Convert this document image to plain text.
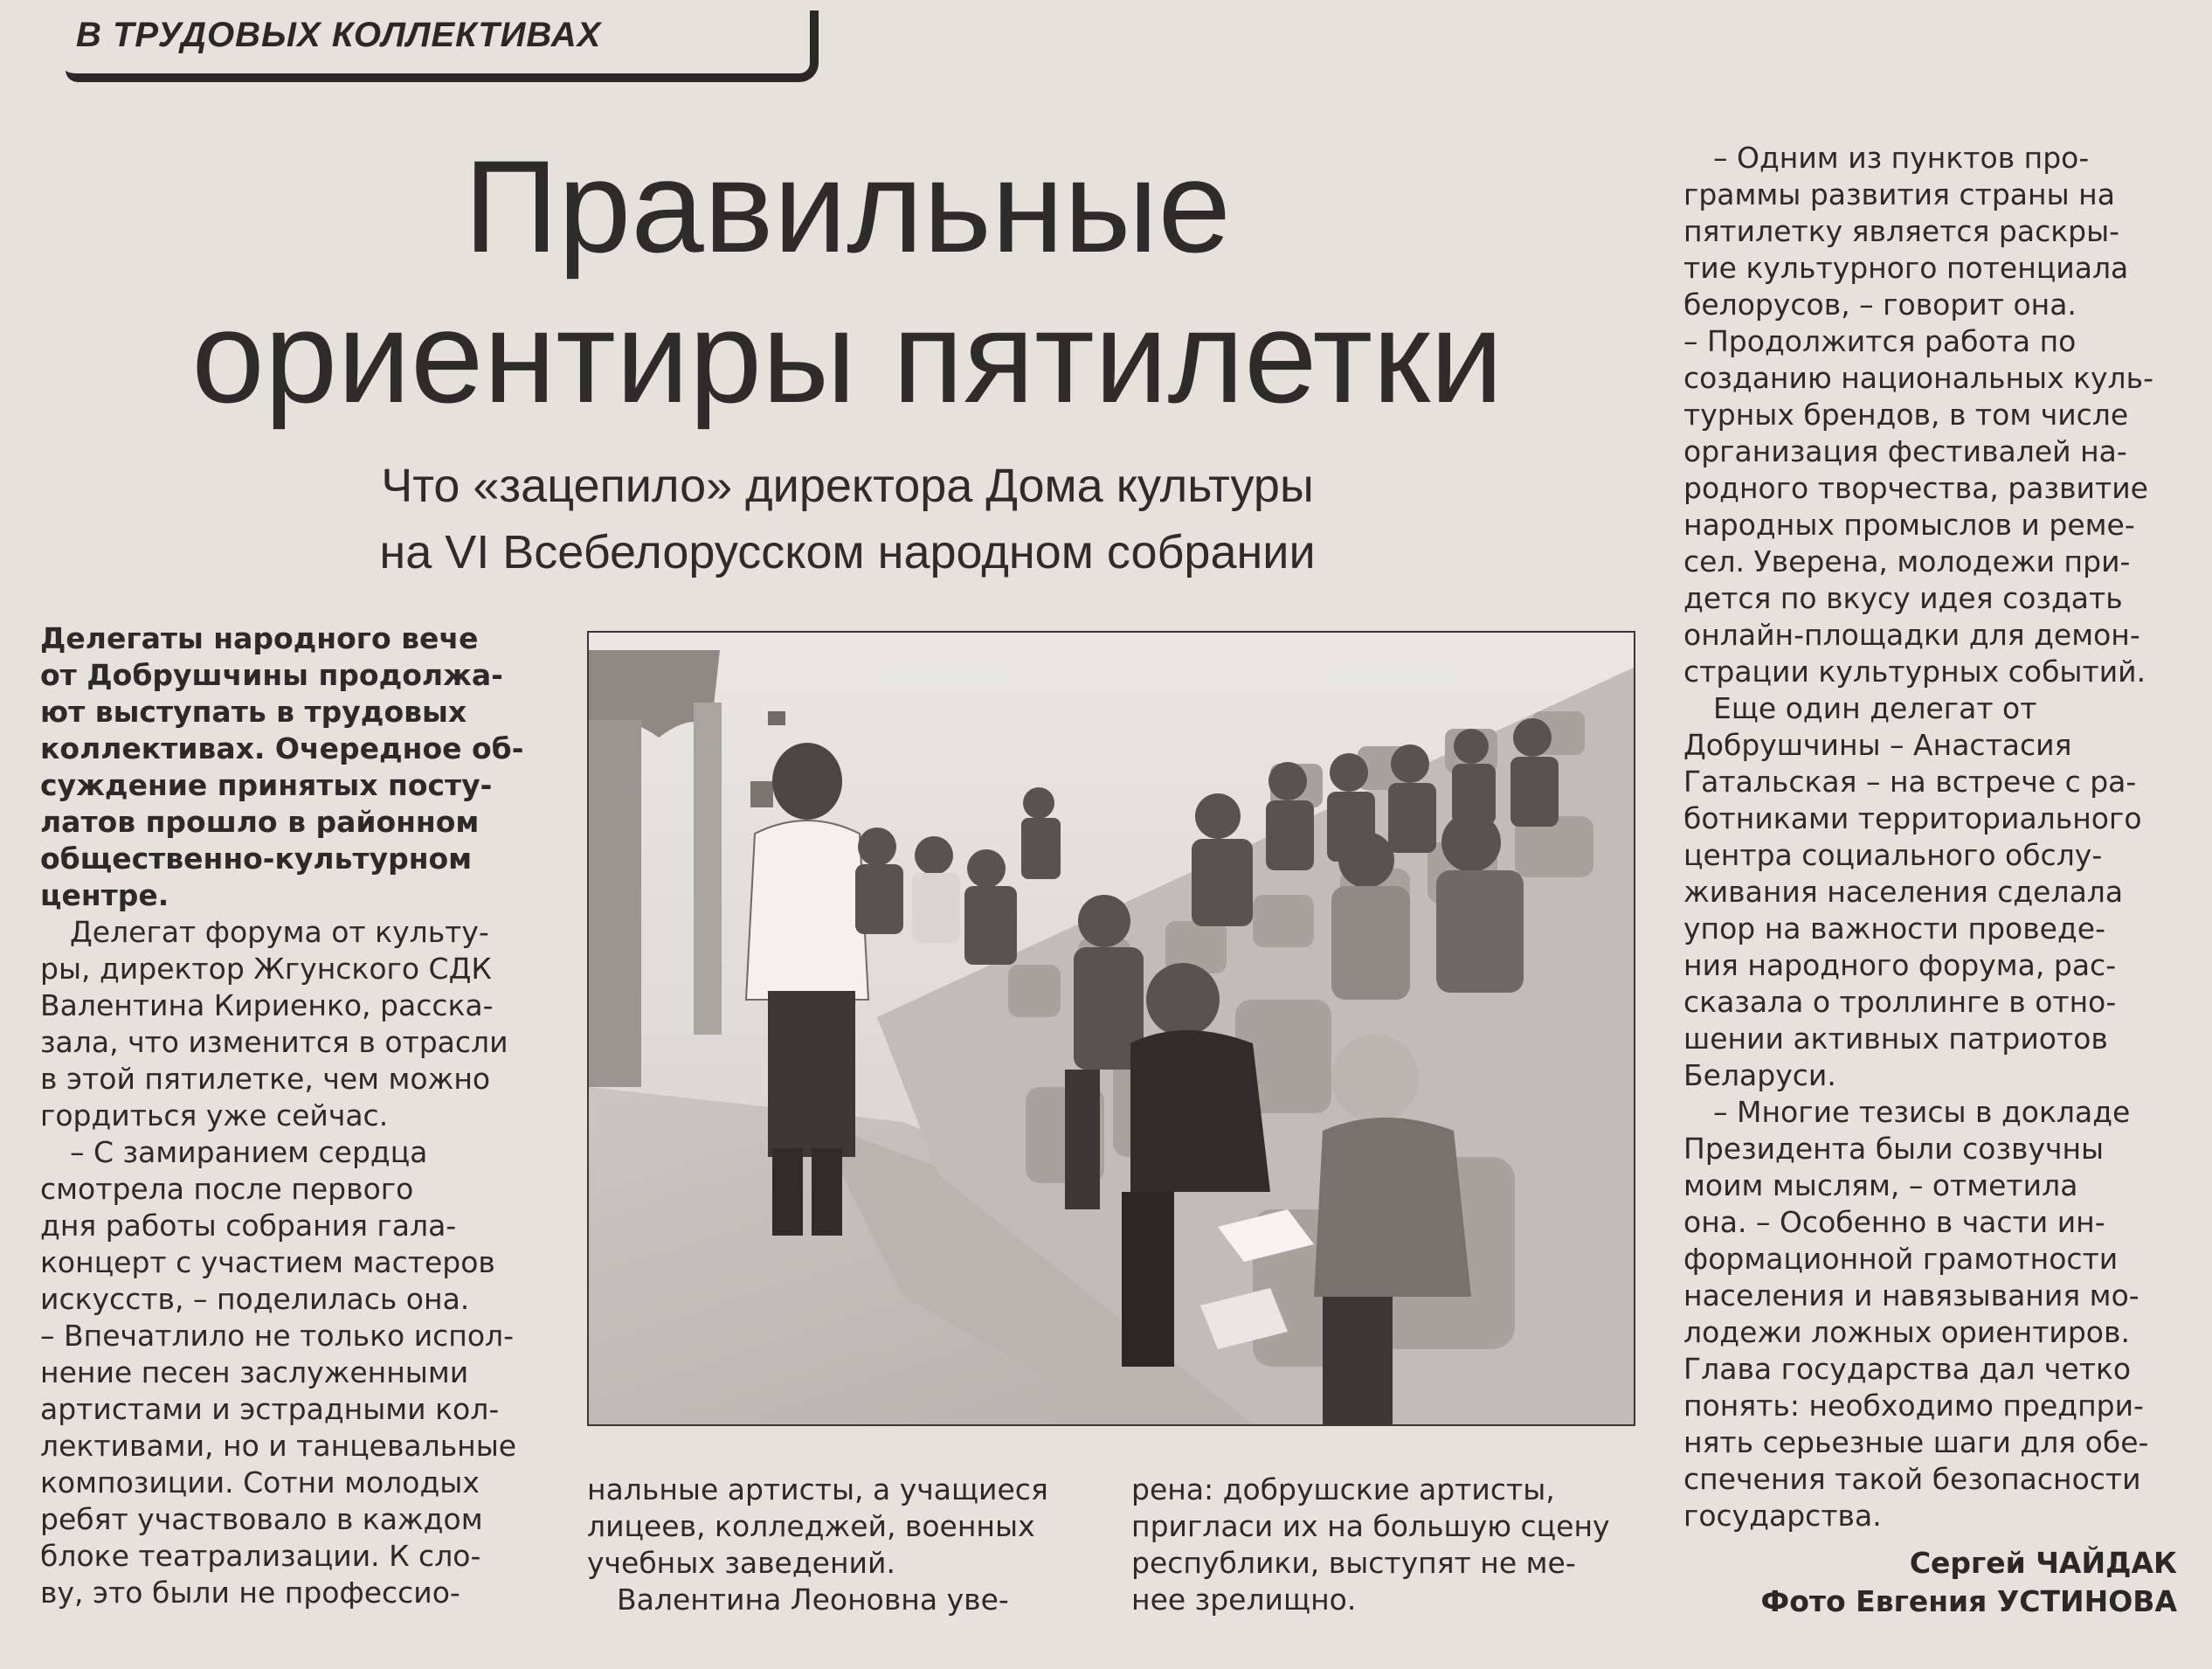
В ТРУДОВЫХ КОЛЛЕКТИВАХ
Правильные
ориентиры пятилетки
Что «зацепило» директора Дома культуры
на VI Всебелорусском народном собрании

Делегаты народного вече
от Добрушчины продолжа-
ют выступать в трудовых
коллективах. Очередное об-
суждение принятых посту-
латов прошло в районном
общественно-культурном
центре.

Делегат форума от культу-
ры, директор Жгунского СДК
Валентина Кириенко, расска-
зала, что изменится в отрасли
в этой пятилетке, чем можно
гордиться уже сейчас.

– С замиранием сердца
смотрела после первого
дня работы собрания гала-
концерт с участием мастеров
искусств, – поделилась она.
– Впечатлило не только испол-
нение песен заслуженными
артистами и эстрадными кол-
лективами, но и танцевальные
композиции. Сотни молодых
ребят участвовало в каждом
блоке театрализации. К сло-
ву, это были не профессио-

нальные артисты, а учащиеся
лицеев, колледжей, военных
учебных заведений.

Валентина Леоновна уве-

рена: добрушские артисты,
пригласи их на большую сцену
республики, выступят не ме-
нее зрелищно.

– Одним из пунктов про-
граммы развития страны на
пятилетку является раскры-
тие культурного потенциала
белорусов, – говорит она.
– Продолжится работа по
созданию национальных куль-
турных брендов, в том числе
организация фестивалей на-
родного творчества, развитие
народных промыслов и реме-
сел. Уверена, молодежи при-
дется по вкусу идея создать
онлайн-площадки для демон-
страции культурных событий.

Еще один делегат от
Добрушчины – Анастасия
Гатальская – на встрече с ра-
ботниками территориального
центра социального обслу-
живания населения сделала
упор на важности проведе-
ния народного форума, рас-
сказала о троллинге в отно-
шении активных патриотов
Беларуси.

– Многие тезисы в докладе
Президента были созвучны
моим мыслям, – отметила
она. – Особенно в части ин-
формационной грамотности
населения и навязывания мо-
лодежи ложных ориентиров.
Глава государства дал четко
понять: необходимо предпри-
нять серьезные шаги для обе-
спечения такой безопасности
государства.

Сергей ЧАЙДАК
Фото Евгения УСТИНОВА
